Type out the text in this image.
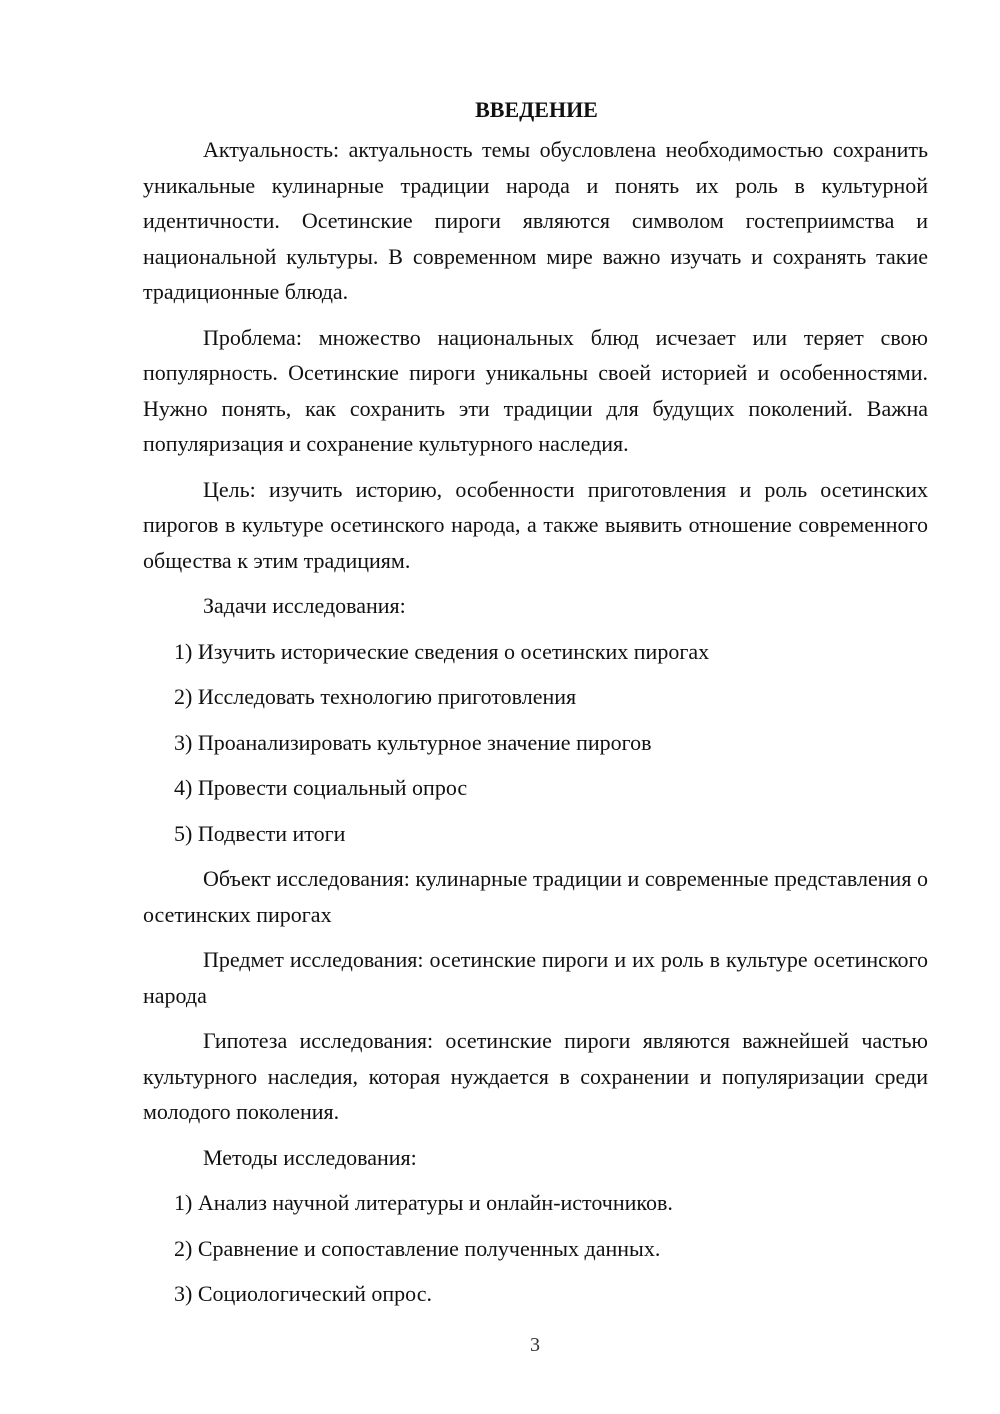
ВВЕДЕНИЕ

Актуальность: актуальность темы обусловлена необходимостью сохранить уникальные кулинарные традиции народа и понять их роль в культурной идентичности. Осетинские пироги являются символом гостеприимства и национальной культуры. В современном мире важно изучать и сохранять такие традиционные блюда.

Проблема: множество национальных блюд исчезает или теряет свою популярность. Осетинские пироги уникальны своей историей и особенностями. Нужно понять, как сохранить эти традиции для будущих поколений. Важна популяризация и сохранение культурного наследия.

Цель: изучить историю, особенности приготовления и роль осетинских пирогов в культуре осетинского народа, а также выявить отношение современного общества к этим традициям.

Задачи исследования:

1) Изучить исторические сведения о осетинских пирогах

2) Исследовать технологию приготовления

3) Проанализировать культурное значение пирогов

4) Провести социальный опрос

5) Подвести итоги

Объект исследования: кулинарные традиции и современные представления о осетинских пирогах

Предмет исследования: осетинские пироги и их роль в культуре осетинского народа

Гипотеза исследования: осетинские пироги являются важнейшей частью культурного наследия, которая нуждается в сохранении и популяризации среди молодого поколения.

Методы исследования:

1) Анализ научной литературы и онлайн-источников.

2) Сравнение и сопоставление полученных данных.

3) Социологический опрос.

3
